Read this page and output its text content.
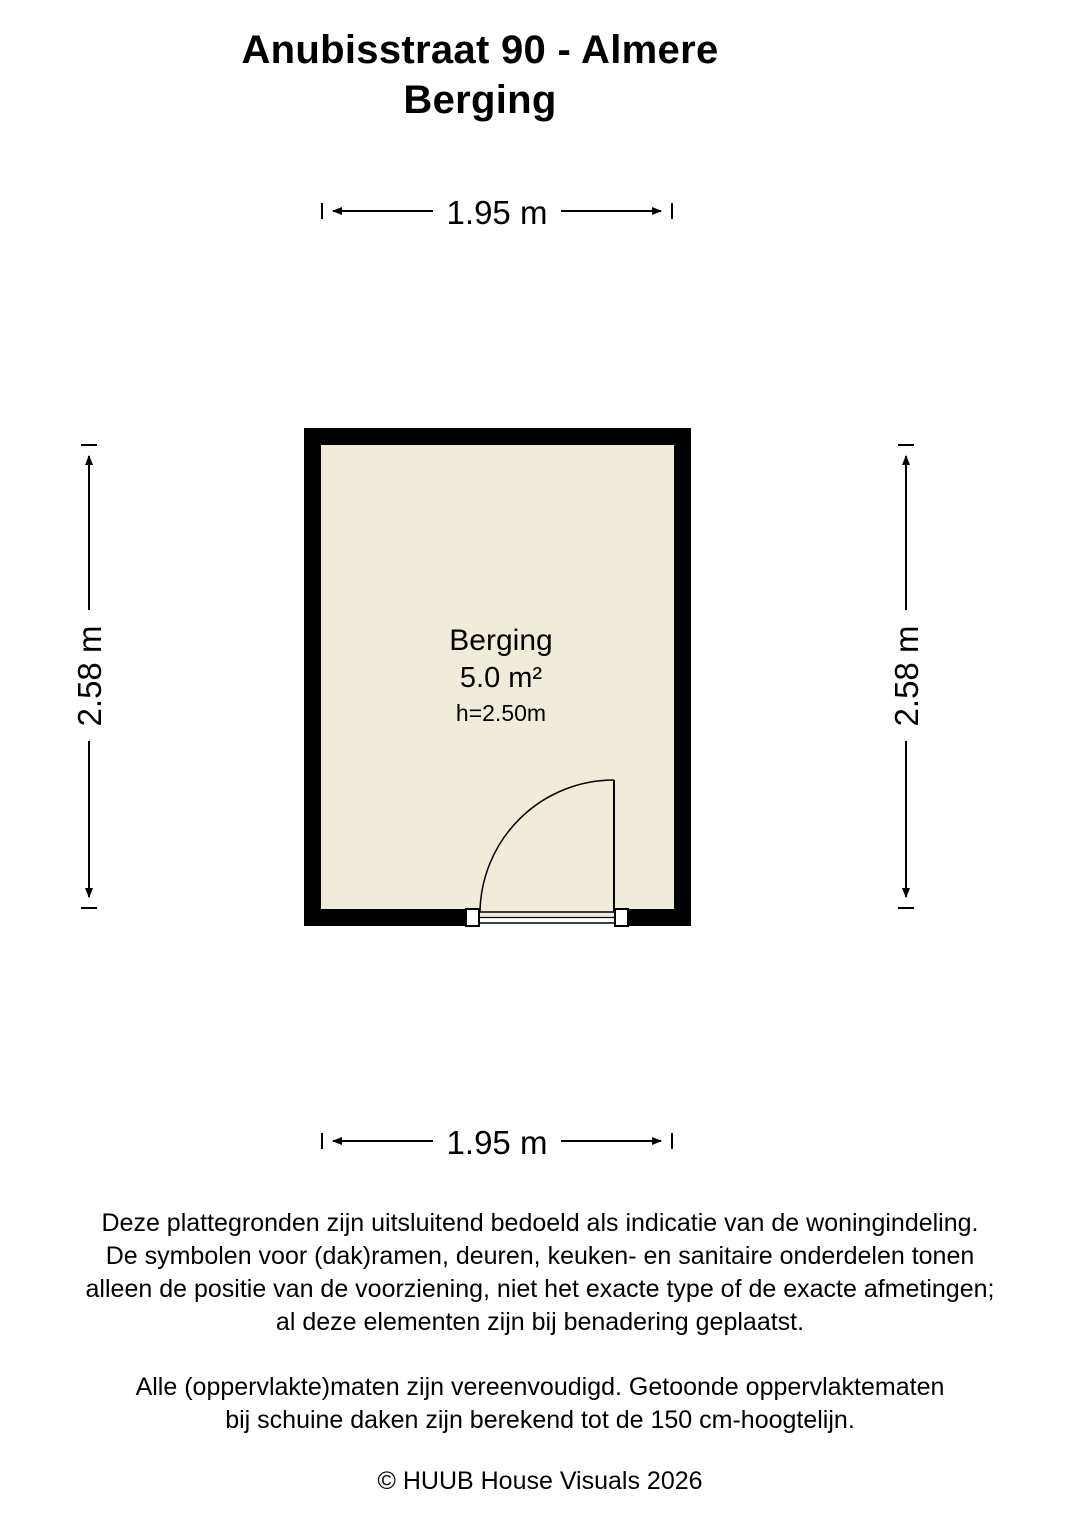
Anubisstraat 90 - Almere
Berging
1.95 m
1.95 m
2.58 m	2.58 m
Berging
5.0 m²
h=2.50m
Deze plattegronden zijn uitsluitend bedoeld als indicatie van de woningindeling.
De symbolen voor (dak)ramen, deuren, keuken- en sanitaire onderdelen tonen
alleen de positie van de voorziening, niet het exacte type of de exacte afmetingen;
al deze elementen zijn bij benadering geplaatst.
Alle (oppervlakte)maten zijn vereenvoudigd. Getoonde oppervlaktematen
bij schuine daken zijn berekend tot de 150 cm-hoogtelijn.
© HUUB House Visuals 2026
